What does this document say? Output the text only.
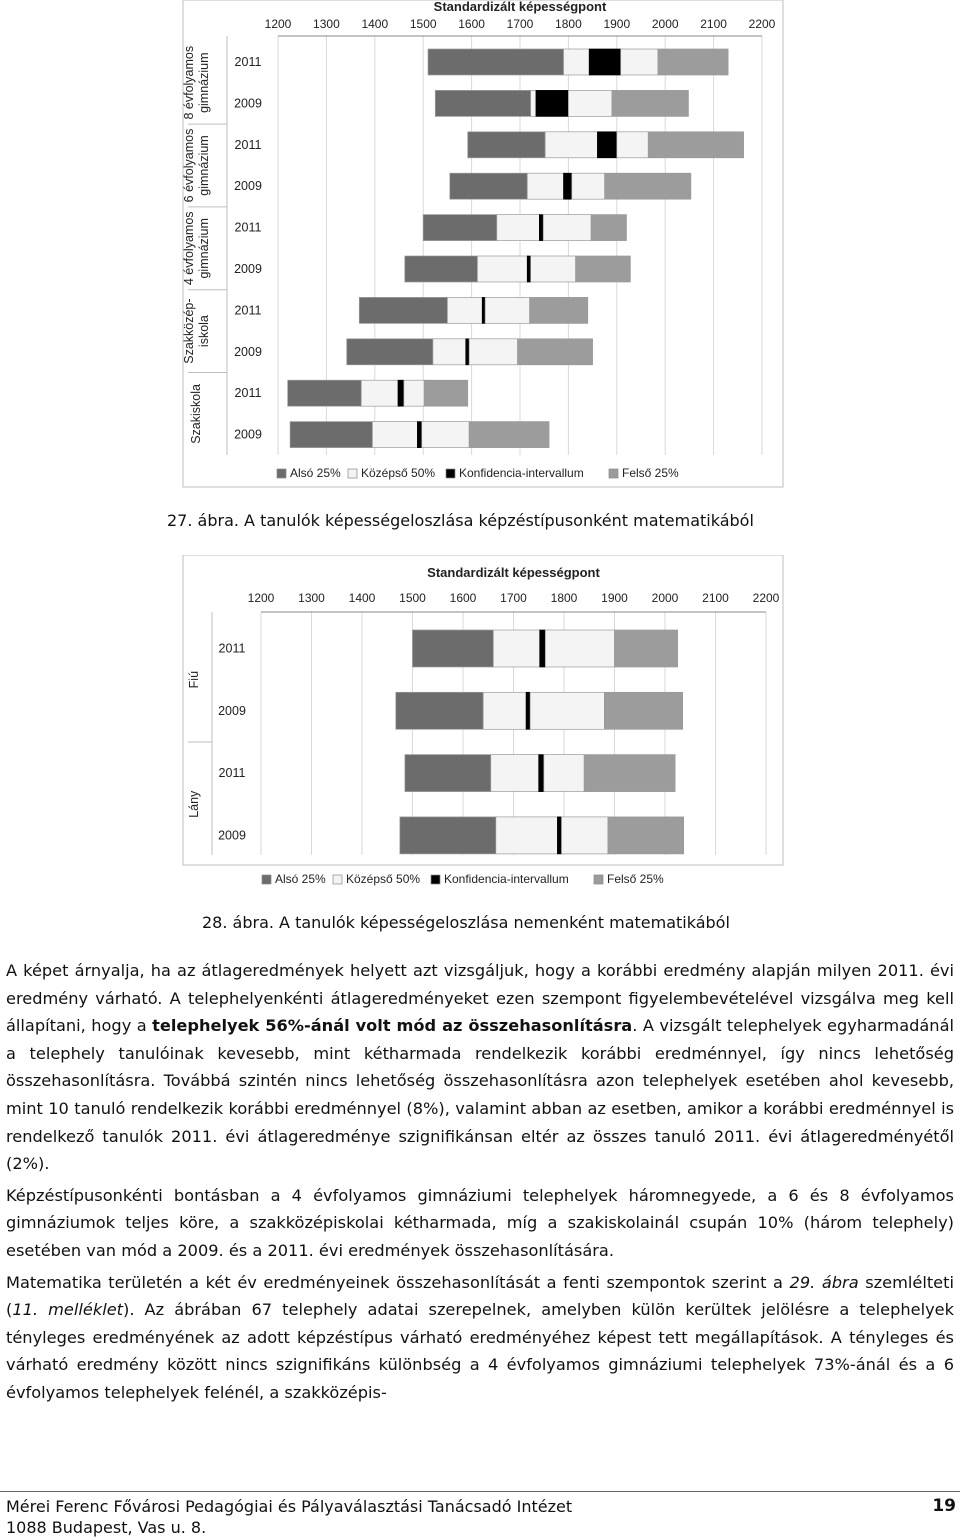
Standardizált képességpont
1200 1300 1400 1500 1600 1700 1800 1900 2000 2100 2200
8 évfolyamosgimnázium 2011
2009
6 évfolyamosgimnázium 2011
2009
4 évfolyamosgimnázium 2011
2009
Szakközép-iskola
2011
2009
Szakiskola	2011
2009
Alsó 25% Középső 50% Konfidencia-intervallum	Felső 25%
27. ábra. A tanulók képességeloszlása képzéstípusonként matematikából
Standardizált képességpont
1200 1300 1400 1500 1600 1700 1800 1900 2000 2100 2200
Fiú
2011
2009
Lány
2011
2009
Alsó 25% Középső 50% Konfidencia-intervallum	Felső 25%
28. ábra. A tanulók képességeloszlása nemenként matematikából

A képet árnyalja, ha az átlageredmények helyett azt vizsgáljuk, hogy a korábbi eredmény alapján milyen 2011. évi eredmény várható. A telephelyenkénti átlageredményeket ezen szempont figyelembevételével vizsgálva meg kell állapítani, hogy a telephelyek 56%-ánál volt mód az összehasonlításra. A vizsgált telephelyek egyharmadánál a telephely tanulóinak kevesebb, mint kétharmada rendelkezik korábbi eredménnyel, így nincs lehetőség összehasonlításra. Továbbá szintén nincs lehetőség összehasonlításra azon telephelyek esetében ahol kevesebb, mint 10 tanuló rendelkezik korábbi eredménnyel (8%), valamint abban az esetben, amikor a korábbi eredménnyel is rendelkező tanulók 2011. évi átlageredménye szignifikánsan eltér az összes tanuló 2011. évi átlageredményétől (2%).

Képzéstípusonkénti bontásban a 4 évfolyamos gimnáziumi telephelyek háromnegyede, a 6 és 8 évfolyamos gimnáziumok teljes köre, a szakközépiskolai kétharmada, míg a szakiskolainál csupán 10% (három telephely) esetében van mód a 2009. és a 2011. évi eredmények összehasonlítására.

Matematika területén a két év eredményeinek összehasonlítását a fenti szempontok szerint a 29. ábra szemlélteti (11. melléklet). Az ábrában 67 telephely adatai szerepelnek, amelyben külön kerültek jelölésre a telephelyek tényleges eredményének az adott képzéstípus várható eredményéhez képest tett megállapítások. A tényleges és várható eredmény között nincs szignifikáns különbség a 4 évfolyamos gimnáziumi telephelyek 73%-ánál és a 6 évfolyamos telephelyek felénél, a szakközépis-

Mérei Ferenc Fővárosi Pedagógiai és Pályaválasztási Tanácsadó Intézet
1088 Budapest, Vas u. 8.
19
